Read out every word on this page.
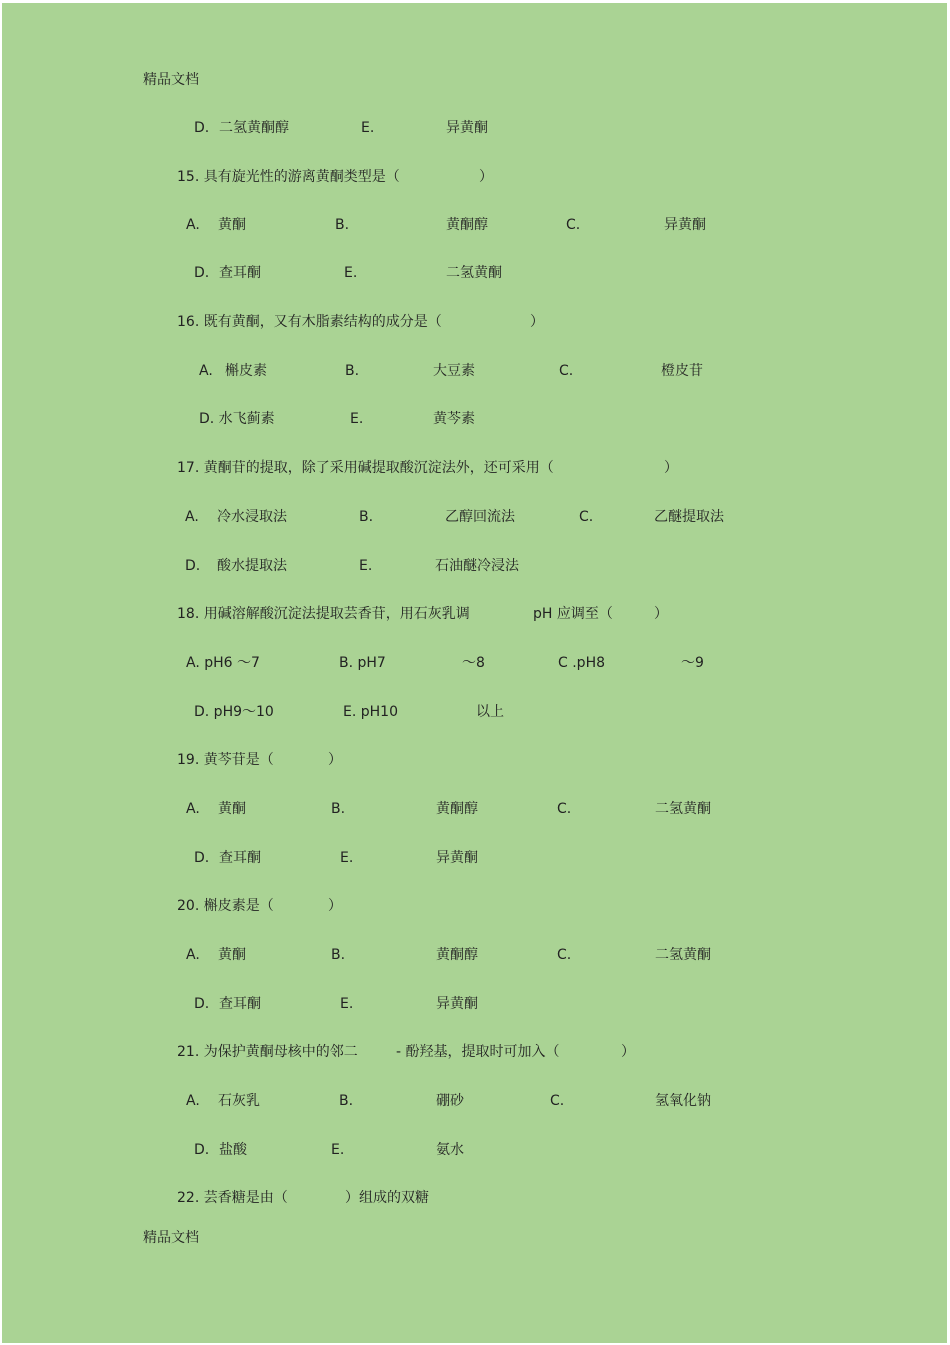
精品文档
D. 二氢黄酮醇	E.	异黄酮
15. 具有旋光性的游离黄酮类型是（	）
A. 黄酮	B.	黄酮醇	C.	异黄酮
D. 查耳酮	E.	二氢黄酮
16. 既有黄酮，又有木脂素结构的成分是（	）
A. 槲皮素	B.	大豆素	C.	橙皮苷
D. 水飞蓟素	E.	黄芩素
17. 黄酮苷的提取，除了采用碱提取酸沉淀法外，还可采用（	）
A. 冷水浸取法	B.	乙醇回流法	C.	乙醚提取法
D. 酸水提取法	E.	石油醚冷浸法
18. 用碱溶解酸沉淀法提取芸香苷，用石灰乳调	pH 应调至（	）
A. pH6 ～7	B. pH7	～8	C .pH8	～9
D. pH9～10	E. pH10	以上
19. 黄芩苷是（	）
A. 黄酮	B.	黄酮醇	C.	二氢黄酮
D. 查耳酮	E.	异黄酮
20. 槲皮素是（	）
A. 黄酮	B.	黄酮醇	C.	二氢黄酮
D. 查耳酮	E.	异黄酮
21. 为保护黄酮母核中的邻二	- 酚羟基，提取时可加入（	）
A. 石灰乳	B.	硼砂	C.	氢氧化钠
D. 盐酸	E.	氨水
22. 芸香糖是由（	）组成的双糖
精品文档
